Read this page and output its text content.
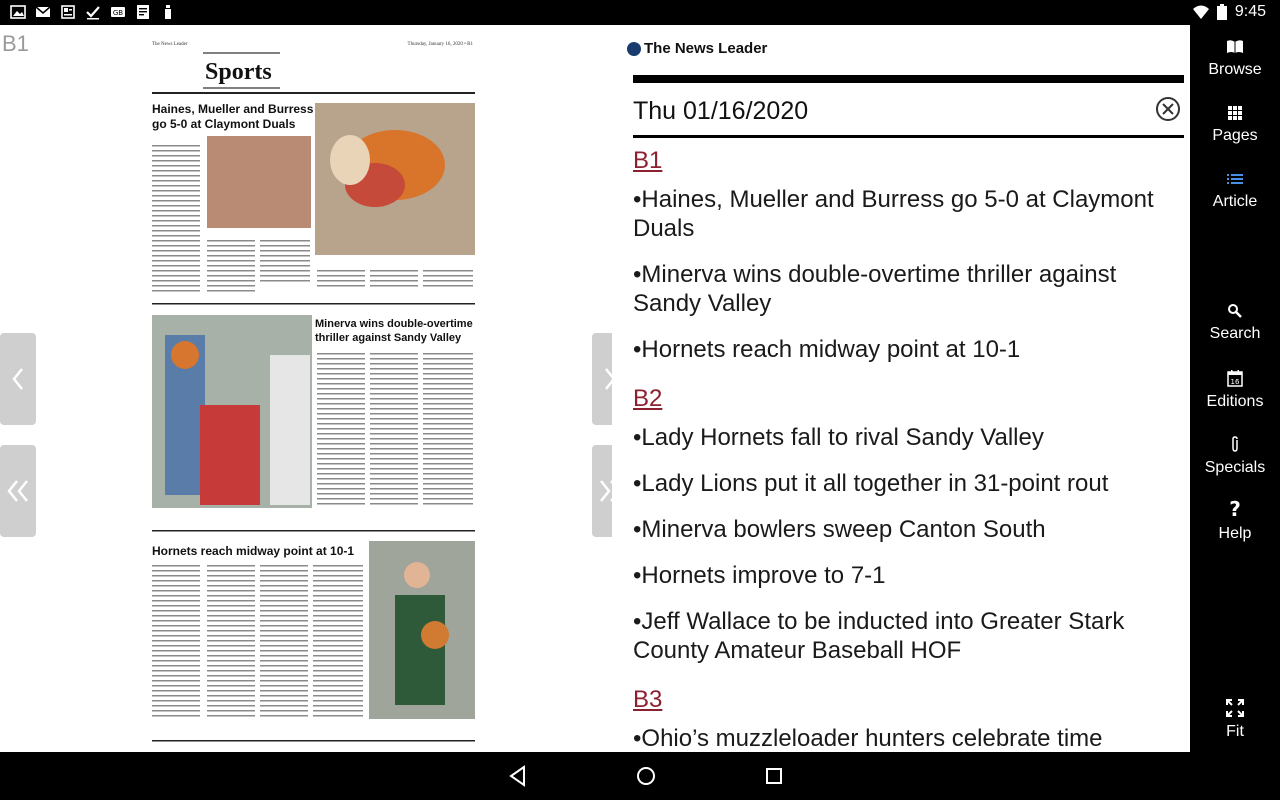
GB	9:45
B1	The News Leader	Thursday, January 16, 2020 • B1
Sports
Haines, Mueller and Burress
go 5-0 at Claymont Duals
Minerva wins double-overtime
thriller against Sandy Valley
Hornets reach midway point at 10-1
The News Leader
Thu 01/16/2020
B1
•Haines, Mueller and Burress go 5-0 at Claymont Duals
•Minerva wins double-overtime thriller against Sandy Valley
•Hornets reach midway point at 10-1
B2
•Lady Hornets fall to rival Sandy Valley
•Lady Lions put it all together in 31-point rout
•Minerva bowlers sweep Canton South
•Hornets improve to 7-1
•Jeff Wallace to be inducted into Greater Stark County Amateur Baseball HOF
B3
•Ohio’s muzzleloader hunters celebrate time
Browse
Pages
Article
Search
16
Editions
Specials
?
Help
Fit
